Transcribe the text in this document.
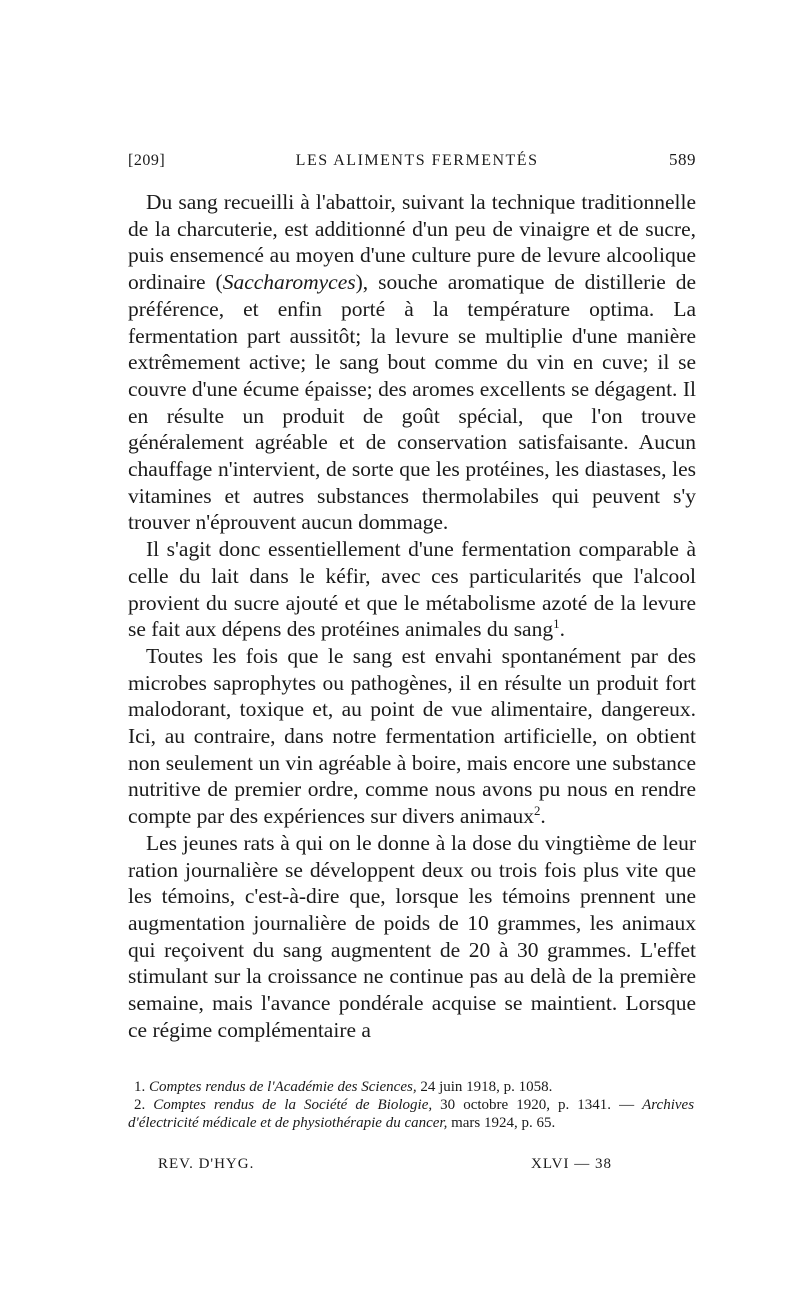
[209]	LES ALIMENTS FERMENTÉS	589

Du sang recueilli à l'abattoir, suivant la technique traditionnelle de la charcuterie, est additionné d'un peu de vinaigre et de sucre, puis ensemencé au moyen d'une culture pure de levure alcoolique ordinaire (Saccharomyces), souche aromatique de distillerie de préférence, et enfin porté à la température optima. La fermentation part aussitôt; la levure se multiplie d'une manière extrêmement active; le sang bout comme du vin en cuve; il se couvre d'une écume épaisse; des aromes excellents se dégagent. Il en résulte un produit de goût spécial, que l'on trouve généralement agréable et de conservation satisfaisante. Aucun chauffage n'intervient, de sorte que les protéines, les diastases, les vitamines et autres substances thermolabiles qui peuvent s'y trouver n'éprouvent aucun dommage.

Il s'agit donc essentiellement d'une fermentation comparable à celle du lait dans le kéfir, avec ces particularités que l'alcool provient du sucre ajouté et que le métabolisme azoté de la levure se fait aux dépens des protéines animales du sang$^1$.

Toutes les fois que le sang est envahi spontanément par des microbes saprophytes ou pathogènes, il en résulte un produit fort malodorant, toxique et, au point de vue alimentaire, dangereux. Ici, au contraire, dans notre fermentation artificielle, on obtient non seulement un vin agréable à boire, mais encore une substance nutritive de premier ordre, comme nous avons pu nous en rendre compte par des expériences sur divers animaux$^2$.

Les jeunes rats à qui on le donne à la dose du vingtième de leur ration journalière se développent deux ou trois fois plus vite que les témoins, c'est-à-dire que, lorsque les témoins prennent une augmentation journalière de poids de 10 grammes, les animaux qui reçoivent du sang augmentent de 20 à 30 grammes. L'effet stimulant sur la croissance ne continue pas au delà de la première semaine, mais l'avance pondérale acquise se maintient. Lorsque ce régime complémentaire a

1. Comptes rendus de l'Académie des Sciences, 24 juin 1918, p. 1058.

2. Comptes rendus de la Société de Biologie, 30 octobre 1920, p. 1341. — Archives d'électricité médicale et de physiothérapie du cancer, mars 1924, p. 65.

REV. D'HYG.	XLVI — 38
